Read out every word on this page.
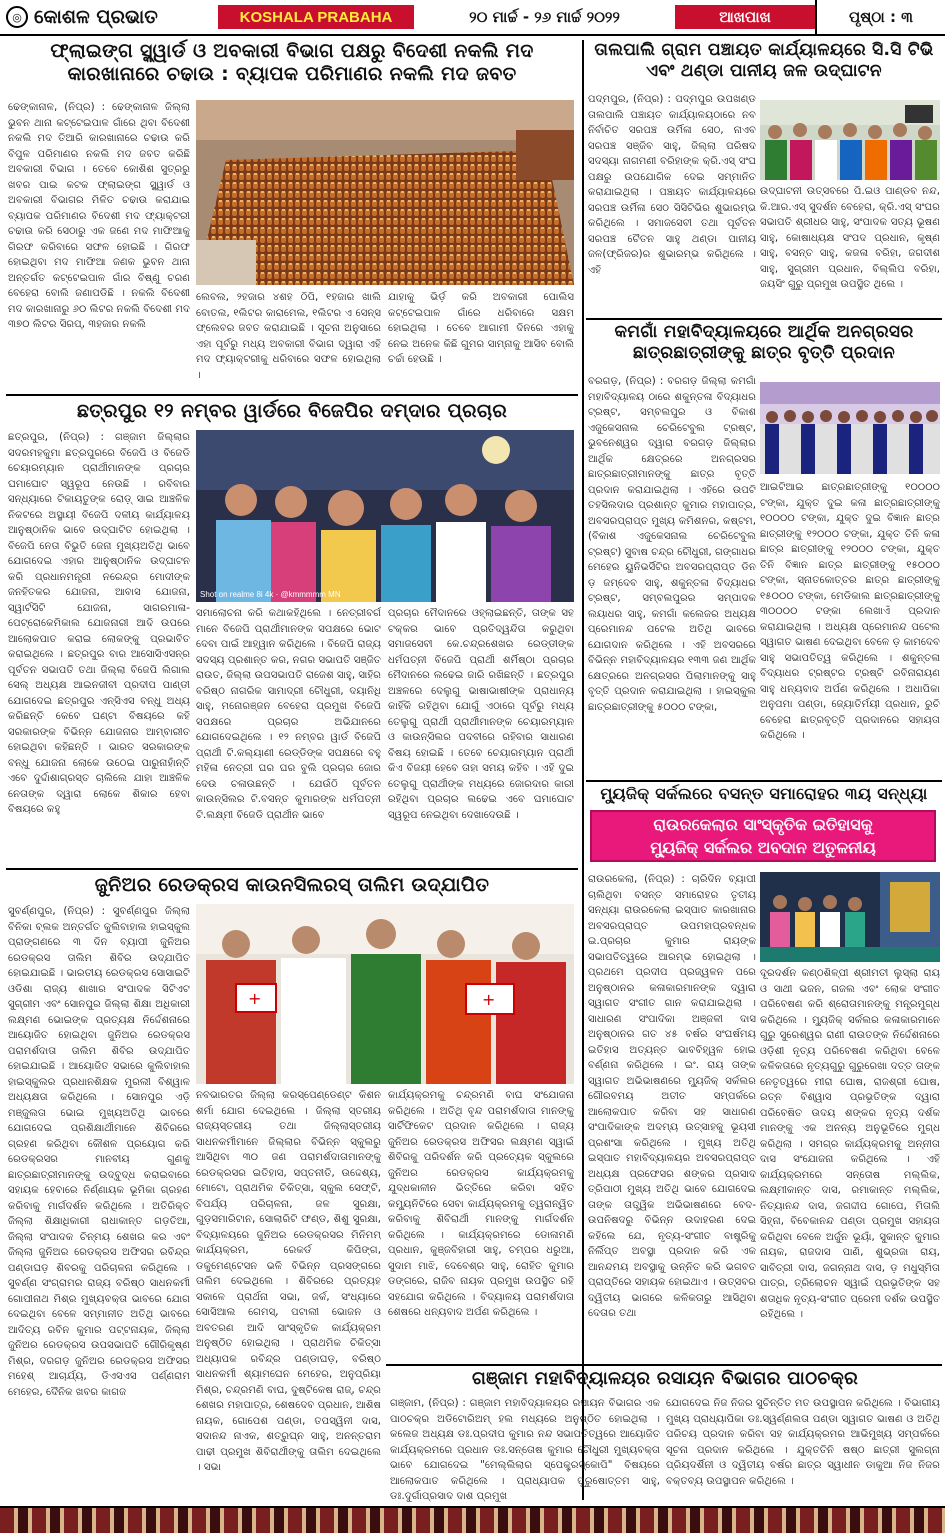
◎ କୋଶଳ ପ୍ରଭାତ	KOSHALA PRABAHA	୨୦ ମାର୍ଚ୍ଚ - ୨୬ ମାର୍ଚ୍ଚ ୨୦୨୨	ଆଖପାଖ	ପୃଷ୍ଠା : ୩
ଫ୍ଲାଇଙ୍ଗ ସ୍କ୍ୱାର୍ଡ ଓ ଅବକାରୀ ବିଭାଗ ପକ୍ଷରୁ ବିଦେଶୀ ନକଲି ମଦ କାରଖାନାରେ ଚଢାଉ : ବ୍ୟାପକ ପରିମାଣର ନକଲି ମଦ ଜବତ
ଢେଙ୍କାନାଳ, (ନିପ୍ର) : ଢେଙ୍କାନାଳ ଜିଲ୍ଲା ଭୁବନ ଥାନା କଟ୍ଟେଇପାଳ ଗାଁରେ ଥିବା ବିଦେଶୀ ନକଲି ମଦ ତିଆରି କାରଖାନାରେ ଚଢାଉ କରି ବିପୁଳ ପରିମାଣର ନକଲି ମଦ ଜବତ କରିଛି ଅବକାରୀ ବିଭାଗ । ତେବେ କୋଶିଶ ସୁତ୍ରରୁ ଖବର ପାଇ କଟକ ଫ୍ଲାଇଙ୍ଗ ସ୍କ୍ୱାର୍ଡ ଓ ଅବକାରୀ ବିଭାଗର ମିଳିତ ଚଢାଉ କରାଯାଇ ବ୍ୟାପକ ପରିମାଣର ବିଦେଶୀ ମଦ ଫ୍ୟାକ୍ଟରୀ ଚଢାଉ କରି ସେଠାରୁ ଏକ ଜଣେ ମଦ ମାଫିଆକୁ ଗିରଫ କରିବାରେ ସଫଳ ହୋଇଛି । ଗିରଫ ହୋଇଥିବା ମଦ ମାଫିଆ ଜଣକ ଭୁବନ ଥାନା ଅନ୍ତର୍ଗତ କଟ୍ଟେଇପାଳ ଗାଁର ବିଷ୍ଣୁ ଚରଣ ବେହେରା ବୋଲି ଜଣାପଡିଛି । ନକଲି ବିଦେଶୀ ମଦ କାରଖାନାରୁ ୬୦ ଲିଟର ନକଲି ବିଦେଶୀ ମଦ ୩୭୦ ଲିଟର ସିରପ୍, ୩ହଜାର ନକଲି
ଲେବଲ, ୨ହଜାର ୪ଶହ ଠିପି, ୧ହଜାର ଖାଲି ବୋତଲ, ୧ଲିଟର କାରାମେଲ, ୧ଲିଟର ଏ ସେନ୍ସ ଫ୍ଲେବର ଜବତ କରାଯାଇଛି । ସୂଚନା ଅନୁସାରେ ଏହା ପୂର୍ବରୁ ମଧ୍ୟ ଅବକାରୀ ବିଭାଗ ଦ୍ୱାରା ଏହି ମଦ ଫ୍ୟାକ୍ଟରୀକୁ ଧରିବାରେ ସଫଳ ହୋଇଥିଲା ।
ଯାହାକୁ ଭିର୍ଡ଼ କରି ଅବକାରୀ ପୋଲିସ କଟ୍ଟେଇପାଳ ଗାଁରେ ଧରିବାରେ ସକ୍ଷମ ହୋଇଥିଲା । ତେବେ ଆଗାମୀ ଦିନରେ ଏହାକୁ ନେଇ ଅନେକ କିଛି ଗୁମର ସାମ୍ନାକୁ ଆସିବ ବୋଲି ଚର୍ଚ୍ଚା ହେଉଛି ।
ଛତ୍ରପୁର ୧୨ ନମ୍ବର ୱାର୍ଡରେ ବିଜେପିର ଦମ୍‌ଦାର ପ୍ରଚାର
ଛତ୍ରପୁର, (ନିପ୍ର) : ଗଞ୍ଜାମ ଜିଲ୍ଲାର ସଦରମହକୁମା ଛତ୍ରପୁରରେ ବିଜେପି ଓ ବିଜେଡି ଚେୟାରମ୍ୟାନ ପ୍ରାର୍ଥୀମାନଙ୍କ ପ୍ରଚାର ଘମାଘୋଟ ସ୍ୱରୂପ ନେଉଛି । ରବିବାର ସନ୍ଧ୍ୟାରେ ଟିକାୟତୁଙ୍କ ରୋଡ଼୍ ସାଇ ଆଞ୍ଚଳିକ ନିକଟରେ ଅସ୍ଥାୟୀ ବିଜେପି ଦଳୀୟ କାର୍ଯ୍ୟାଳୟ ଆନୁଷ୍ଠାନିକ ଭାବେ ଉଦ୍‌ଘାଟିତ ହୋଇଥିଲା । ବିଜେପି ନେତା ବିଭୁତି ଜେନା ମୁଖ୍ୟଅତିଥି ଭାବେ ଯୋଗଦେଇ ଏହାର ଆନୁଷ୍ଠାନିକ ଉଦ୍‌ଘାଟନ କରି ପ୍ରଧାନମନ୍ତ୍ରୀ ନରେନ୍ଦ୍ର ମୋଦୀଙ୍କ ଜନହିତକର ଯୋଜନା, ଆବାସ ଯୋଜନା, ସ୍ୱାର୍ଟସିଟି ଯୋଜନା, ସାଗରମାଳା-ପେଟ୍ରୋକେମିକାଲ ଯୋଜନାରୀ ଆଦି ଉପରେ ଆଲୋକପାତ କରାଇ ଲୋକଙ୍କୁ ପ୍ରଭାବିତ କରାଇଥିଲେ । ଛତ୍ରପୁର ବାର ଆସୋସିଏସନ୍‌ର ପୂର୍ବତନ ସଭାପତି ତଥା ଜିଲ୍ଲା ବିଜେପି ଲିଗାଲ ସେଲ୍ ଅଧ୍ୟକ୍ଷ ଆଇନଜୀବୀ ପ୍ରଦୀପ ପାଣ୍ଡୀ ଯୋଗଦେଇ ଛତ୍ରପୁର ଏନ୍‌ସିଏସ ବନ୍ଧୁ ଅଧ୍ୟ କରିଛନ୍ତି କେବେ ଘଣ୍ଟା ବିଷୟରେ କହି ସରକାରଙ୍କ ବିଭିନ୍ନ ଯୋଜନାର ଆମ୍ବାରୀତ ହୋଇଥିବା କହିଛନ୍ତି । ଭାରତ ସରକାରଙ୍କ ବନ୍ଧୁ ଯୋଜନା ଲୋକେ ଉଠେଇ ପାରୁନାହାଁନ୍ତି ଏବେ ଦୁର୍ଦ୍ଦାଶାଗ୍ରସ୍ତ ଚାଲିଲେ ଯାହା ଆଞ୍ଚଳିକ ନେତାଙ୍କ ଦ୍ୱାରା ଲୋକେ ଶିକାର ହେବା ବିଷୟରେ କହୁ
Shot on realme 8i 4k · @kmmmmm MN
ସମାଲୋଚନା କରି କଥାକହିଥିଲେ । ନେତ୍ରୀବର୍ଗ ମାନେ ବିଜେପି ପ୍ରାର୍ଥୀମାନଙ୍କ ସପକ୍ଷରେ ଭୋଟ ଦେବା ପାଇଁ ଆହ୍ୱାନ କରିଥିଲେ । ବିଜେପି ରାଜ୍ୟ ସଦସ୍ୟ ପ୍ରଶାନ୍ତ କର, ନଗର ସଭାପତି ସଞ୍ଜିତ ରାଉତ, ଜିଲ୍ଲା ଉପସଭାପତି ରାଜେଶ ସାହୁ, ସାହିର ବରିଷ୍ଠ ନାଗରିକ ସାମାଦ୍ରୀ ଚୌଧୁରୀ, ଦୟାନିଧି ସାହୁ, ମନୋରଞ୍ଜନ ବେହେରା ପ୍ରମୁଖ ବିଜେପି ସପକ୍ଷରେ ପ୍ରଚାର ଅଭିଯାନରେ ଯୋଗଦେଇଥିଲେ । ୧୨ ନମ୍ବର ୱାର୍ଡ ବିଜେପି ପ୍ରାର୍ଥୀ ଟି.କଲ୍ୟାଣୀ ରେଡ୍ଡିଙ୍କ ସପକ୍ଷରେ ବହୁ ମହିଳା ନେତ୍ରୀ ଘର ଘର ବୁଲି ପ୍ରଚାର ଜୋର ଦେଉ ଚଳାଉଛନ୍ତି । ଯେଉଁଠି ପୂର୍ବତନ କାଉନ୍‌ସିଲର ଟି.ବସନ୍ତ କୁମାରଙ୍କ ଧର୍ମପତ୍ନୀ ଟି.ଲକ୍ଷ୍ମୀ ବିଜେଡି ପ୍ରାର୍ଥୀନ ଭାବେ
ପ୍ରଚାର ମୈଦାନରେ ଓହ୍ଲାଇଛନ୍ତି, ତାଙ୍କ ସହ ଟକ୍କର ଭାବେ ପ୍ରତିଦ୍ୱନ୍ଦିତା କରୁଥିବା ସମାଜସେବୀ କେ.ଚନ୍ଦ୍ରଶେଖର ରେଡ୍ଡୀଙ୍କ ଧର୍ମପତ୍ନୀ ବିଜେପି ପ୍ରାର୍ଥୀ ଶର୍ମିଷ୍ଠା ପ୍ରଚାର ମୈଦାନରେ ଲଢେଇ ଜାରି ରଖିଛନ୍ତି । ଛତ୍ରପୁର ଅଞ୍ଚଳରେ ଦେଲୁଗୁ ଭାଷାଭାଷୀଙ୍କ ପ୍ରାଧାନ୍ୟ କାହିଁକି ରହିଥିବା ଯୋଗୁଁ ଏଠାରେ ପୂର୍ବରୁ ମଧ୍ୟ ତେଲୁଗୁ ପ୍ରାର୍ଥୀ ପ୍ରାର୍ଥୀମାନଙ୍କ ଚେୟାରମ୍ୟାନ ଓ କାଉନ୍‌ସିଲର ପଦବୀରେ ରହିବାର ସାଧାରଣ ବିଷୟ ହୋଇଛି । ତେବେ ଚେୟାରମ୍ୟାନ ପ୍ରାର୍ଥୀ କିଏ ବିଜୟୀ ହେବେ ତାହା ସମୟ କହିବ । ଏହି ଦୁଇ ତେଲୁଗୁ ପ୍ରାର୍ଥୀଙ୍କ ମଧ୍ୟରେ ଜୋରଦାର କାରୀ ରହିଥିବା ପ୍ରଚାର ଲଢେଇ ଏବେ ଘମାଘୋଟ ସ୍ୱରୂପ ନେଇଥିବା ଦେଖାଦେଉଛି ।
ଜୁନିଅର ରେଡକ୍ରସ କାଉନସିଲରସ୍ ତାଲିମ ଉଦ୍‌ଯାପିତ
ସୁବର୍ଣ୍ଣପୁର, (ନିପ୍ର) : ସୁବର୍ଣ୍ଣପୁର ଜିଲ୍ଲା ବିନିକା ବ୍ଲକ ଅନ୍ତର୍ଗତ କୁଲିବାହାଲ ହାଇସ୍କୁଲ ପ୍ରାଙ୍ଗଣରେ ୩ ଦିନ ବ୍ୟାପୀ ଜୁନିଅର ରେଡକ୍ରସ ତାଲିମ ଶିବିର ଉଦ୍‌ଯାପିତ ହୋଇଯାଇଛି । ଭାରତୀୟ ରେଡକ୍ରସ ସୋସାଇଟି ଓଡିଶା ରାଜ୍ୟ ଶାଖାର ସଂପାଦକ ସିଟିଏଟ ସୁଗ୍ରୀମ ଏବଂ ସୋନପୁର ଜିଲ୍ଲା ଶିକ୍ଷା ଅଧିକାରୀ ଲକ୍ଷ୍ମଣ ଭୋଇଙ୍କ ପ୍ରତ୍ୟକ୍ଷ ନିର୍ଦ୍ଦେଶନାରେ ଆୟୋଜିତ ହୋଇଥିବା ଜୁନିଅର ରେଡକ୍ରସ ପରାମର୍ଶଦାତା ତାଲିମ ଶିବିର ଉଦ୍‌ଯାପିତ ହୋଇଯାଇଛି । ଆୟୋଜିତ ସଭାରେ କୁଲିବାହାଲ ହାଇସ୍କୁଲର ପ୍ରଧାନଶିକ୍ଷକ ମୁରଲୀ ବିଶ୍ୱାଳ ଅଧ୍ୟକ୍ଷତା କରିଥିଲେ । ସୋନପୁର ଏଡ଼ି ମଞ୍ଜୁଲତା ଭୋଇ ମୁଖ୍ୟଅତିଥି ଭାବରେ ଯୋଗଦେଇ ପ୍ରଶିକ୍ଷାର୍ଥୀମାନେ ଶିବିରରେ ଗ୍ରହଣ କରିଥିବା କୌଶଳ ପ୍ରୟୋଗ କରି ରେଡକ୍ରସର ମାନବୀୟ ଗୁଣକୁ ଛାତ୍ରଛାତ୍ରୀମାନଙ୍କୁ ଉଦ୍‌ବୁଦ୍ଧ କରାଇବାରେ ସହାୟକ ହେବାରେ ନିର୍ଣ୍ଣାୟକ ଭୂମିକା ଗ୍ରହଣ କରିବାକୁ ମାର୍ଗଦର୍ଶନ କରିଥିଲେ । ଅତିରିକ୍ତ ଜିଲ୍ଲା ଶିକ୍ଷାଧିକାରୀ ରାଧାକାନ୍ତ ଗଡ଼ତିଆ, ଜିଲ୍ଲା ସଂପାଦକ ଚିନ୍ମୟ ଶେଖର କର ଏବଂ ଜିଲ୍ଲା ଜୁନିଅର ରେଡକ୍ରସ ଅଫିସର ରବିନ୍ଦ୍ର ପଣ୍ଡାଘଡ଼ ଶିବରକୁ ପରିଚାଳନା କରିଥିଲେ । ସୁବର୍ଣ୍ଣ ସଂଗ୍ରାମର ରାଜ୍ୟ ବରିଷ୍ଠ ସାଧନକର୍ମୀ ଗୋପୀନାଥ ମିଶ୍ର ମୁଖ୍ୟବକ୍ତା ଭାବରେ ଯୋଗ ଦେଇଥିବା ବେଳେ ସମ୍ମାନୀତ ଅତିଥି ଭାବରେ ଆଦିତ୍ୟ ରବିନ କୁମାର ପଟ୍ଟନାୟକ, ଜିଲ୍ଲା ଜୁନିଅର ରେଡକ୍ରସ ଉପସଭାପତି ଗୌରିକୃଷ୍ଣ ମିଶ୍ର, ଦରଗଡ଼ ଜୁନିଅର ରେଡକ୍ରସ ଅଫିସର ମହେଶ୍ ଆଚାର୍ଯ୍ୟ, ଡିଏସଏସ ପର୍ଣ୍ଣରାମ ମେହେର, ଦୈନିକ ଖବର କାଗଜ
+	+
ନବଭାରତର ଜିଲ୍ଲା କରସ୍‌ପେଣ୍ଡେଣ୍ଟ କିଶନ ଶର୍ମା ଯୋଗ ଦେଇଥିଲେ । ଜିଲ୍ଲା ସ୍ତରୀୟ ରାଜ୍ୟସ୍ତରୀୟ ତଥା ଜିଲ୍ଲାସ୍ତରୀୟ ସାଧନକର୍ମୀମାନେ ଜିଲ୍ଲାର ବିଭିନ୍ନ ସ୍କୁଲରୁ ଆସିଥିବା ୩୦ ଜଣ ପରାମର୍ଶଦାତାମାନଙ୍କୁ ରେଡକ୍ରସର ଇତିହାସ, ସପ୍ତନୀତି, ଉଦ୍ଦେଶ୍ୟ, ମୋଟୋ, ପ୍ରାଥମିକ ଚିକିତ୍ସା, ସ୍କୁଲ ସେଫ୍ଟି, ବିପର୍ଯ୍ୟ ପରିଚାଳନା, ଜଳ ସୁରକ୍ଷା, ଗୁଡ଼ସମାରିଟାନ, ସୋଲାରିଟି ଫଣ୍ଡ, ଶିଶୁ ସୁରକ୍ଷା, ବିଦ୍ୟାଳୟରେ ଜୁନିଅର ରେଡକ୍ରସର ମିନିମମ୍ କାର୍ଯ୍ୟକ୍ରମ, ରେକର୍ଡ କିପିଙ୍ଗ, ଡକୁମେଣ୍ଟେସନ ଭଳି ବିଭିନ୍ନ ପ୍ରସଙ୍ଗରେ ତାଲିମ ଦେଇଥିଲେ । ଶିବିରରେ ପ୍ରତ୍ୟହ ସକାଳେ ପ୍ରାର୍ଥନା ସଭା, ଜର୍କ, ସଂଧ୍ୟାରେ ସୋସିଆଲ ଗେମସ୍, ପଟାଲୀ ଭୋଜନ ଓ ଅବତରଣ ଆଦି ସାଂସ୍କୃତିକ କାର୍ଯ୍ୟକ୍ରମ ଅନୁଷ୍ଠିତ ହୋଇଥିଲା । ପ୍ରାଥମିକ ଚିକିତ୍ସା ଅଧ୍ୟାପକ ରବିନ୍ଦ୍ର ପଣ୍ଡାଘଡ଼, ବରିଷ୍ଠ ସାଧନକର୍ମୀ ଶ୍ୟାମଘେନ ମେହେର, ଅନୁପ୍ରିୟା ମିଶ୍ର, ଚନ୍ଦ୍ରମଣି ବାଘ, ଦୁଷ୍ଟିକେଷ ରାଜ୍, ଚନ୍ଦ୍ର ଶେଖର ମହାପାତ୍ର, ଶେଷଦେବ ପ୍ରଧାନ, ଆଶିଷ ନାୟକ, ଗୋପେଶ ପଣ୍ଡା, ତପସ୍ୱିନୀ ଦାସ, ସଦାନନ୍ଦ ନାଏକ, ଶତ୍ରୁଘ୍ନ ସାହୁ, ଅନନ୍ତରାମ ପାଢୀ ପ୍ରମୁଖ ଶିବିରାର୍ଥୀଙ୍କୁ ତାଲିମ ଦେଇଥିଲେ । ସଭା
କାର୍ଯ୍ୟକ୍ରମକୁ ଚନ୍ଦ୍ରମଣି ବାଘ ସଂଯୋଜନା କରିଥିଲେ । ଅତିଥି ବୃନ୍ଦ ପରାମର୍ଶଦାତା ମାନଙ୍କୁ ସାର୍ଟିଫିକେଟ ପ୍ରଦାନ କରିଥିଲେ । ରାଜ୍ୟ ଜୁନିଅର ରେଡକ୍ରସ ଅଫିସର ଲକ୍ଷ୍ମଣ ସ୍ୱାଇଁ ଶିବିରକୁ ପରିଦର୍ଶନ କରି ପ୍ରତ୍ୟେକ ସ୍କୁଲରେ ଜୁନିଅର ରେଡକ୍ରସ କାର୍ଯ୍ୟକ୍ରମକୁ ଯୁଦ୍ଧକାଳୀନ ଭିତ୍ତିରେ କରିବା ସହିତ କମ୍ୟୁନିଟିରେ ସେବା କାର୍ଯ୍ୟକ୍ରମକୁ ତ୍ୱରାନ୍ୱିତ କରିବାକୁ ଶିବିରାର୍ଥୀ ମାନଙ୍କୁ ମାର୍ଗଦର୍ଶନ କରିଥିଲେ । କାର୍ଯ୍ୟକ୍ରମରେ ଡୋଳାମଣି ପ୍ରଧାନ, କୁଞ୍ଜବିହାରୀ ସାହୁ, ଚମ୍ପର ଧରୁଆ, ସୁଦାମ ମାଝି, ଦେବେଶ୍ର ସାହୁ, ରୋହିତ କୁମାର ଡଙ୍ଗରେ, ରାଜିବ ନାୟକ ପ୍ରମୁଖ ଉପସ୍ଥିତ ରହି ସହଯୋଗ କରିଥିଲେ । ବିଦ୍ୟାଳୟ ପରାମର୍ଶଦାତା ଶେଷରେ ଧନ୍ୟବାଦ ଅର୍ପଣ କରିଥିଲେ ।
ତାଲପାଲି ଗ୍ରାମ ପଞ୍ଚାୟତ କାର୍ଯ୍ୟାଳୟରେ ସି.ସି ଟିଭି ଏବଂ ଥଣ୍ଡା ପାନୀୟ ଜଳ ଉଦ୍‌ଘାଟନ
ପଦ୍ମପୁର, (ନିପ୍ର) : ପଦ୍ମପୁର ଉପଖଣ୍ଡ ତାଲପାଲି ପଞ୍ଚାୟତ କାର୍ଯ୍ୟାଳୟଠାରେ ନବ ନିର୍ବାଚିତ ସରପଞ୍ଚ ଉର୍ମିଳା ସେଠ, ନାଏବ ସରପଞ୍ଚ ସଞ୍ଜିବ ସାହୁ, ଜିଲ୍ଲା ପରିଷଦ ସଦସ୍ୟା ନାଗମଣୀ ବରିହାଙ୍କ କ୍ରି.ଏସ୍ ସଂଘ ପକ୍ଷରୁ ଉପଯୋଗିକ ଦେଇ ସମ୍ମାନିତ କରାଯାଇଥିଲା । ପଞ୍ଚାୟତ କାର୍ଯ୍ୟାଳୟରେ ସରପଞ୍ଚ ଉର୍ମିଳା ସେଠ ସିସିଟିଭିର ଶୁଭାରମ୍ଭ କରିଥିଲେ । ସମାଜସେବୀ ତଥା ପୂର୍ବତନ ସରପଞ୍ଚ ଚୈତନ ସାହୁ ଥଣ୍ଡା ପାନୀୟ ଜଳ(ଫ୍ରିଜର)ର ଶୁଭାରମ୍ଭ କରିଥିଲେ । ଏହି
ଉଦ୍‌ଘାଟନୀ ଉତ୍ସବରେ ପି.ଇଓ ପାଣ୍ଡବ ନନ୍ଦ, କି.ଆର.ଏସ୍ ସୁଦର୍ଶନ ବେହେରା, କ୍ରି.ଏସ୍ ସଂଘର ସଭାପତି ଶ୍ରୀଧର ସାହୁ, ସଂପାଦକ ସତ୍ୟ ଭୂଷଣ ସାହୁ, କୋଷାଧ୍ୟକ୍ଷ ସଂପଦ ପ୍ରଧାନ, କୃଷ୍ଣ ସାହୁ, ବସନ୍ତ ସାହୁ, କଜଳା ବରିହା, ଜଗଦୀଶ ସାହୁ, ସୁଗ୍ରୀମ ପ୍ରଧାନ, ବିଲ୍ଲିପ ବରିହା, ଜୟସିଂ ଗୁରୁ ପ୍ରମୁଖ ଉପସ୍ଥିତ ଥିଲେ ।
କମଗାଁ ମହାବିଦ୍ୟାଳୟରେ ଆର୍ଥିକ ଅନଗ୍ରସର ଛାତ୍ରଛାତ୍ରୀଙ୍କୁ ଛାତ୍ର ବୃତ୍ତି ପ୍ରଦାନ
ବରଗଡ଼, (ନିପ୍ର) : ବରଗଡ଼ ଜିଲ୍ଲା କମଗାଁ ମହାବିଦ୍ୟାଳୟ ଠାରେ ଶକୁନ୍ତଳା ବିଦ୍ୟାଧର ଟ୍ରଷ୍ଟ, ସମ୍ବଲପୁର ଓ ବିକାଶ ଏଜୁକେସନାଲ ଚେରିଟେବୁଲ ଟ୍ରଷ୍ଟ, ଭୁବନେଶ୍ୱର ଦ୍ୱାରା ବରଗଡ଼ ଜିଲ୍ଲାର ଆର୍ଥିକ କ୍ଷେତ୍ରରେ ଅନଗ୍ରସର ଛାତ୍ରଛାତ୍ରୀମାନଙ୍କୁ ଛାତ୍ର ବୃତ୍ତି ପ୍ରଦାନ କରାଯାଇଥିଲା । ଏହିରେ ଉପଟି ତହସିଲଦାର ପ୍ରଶାନ୍ତ କୁମାର ମହାପାତ୍ର, ଅବସରପ୍ରାପ୍ତ ମୁଖ୍ୟ କମିଶନର, କଷ୍ଟମ, (ବିକାଶ ଏଜୁକେସନାଲ ଚେରିଟେବୁଲ ଟ୍ରଷ୍ଟ) ସୁବାଷ ଚନ୍ଦ୍ର ଚୌଧୁରୀ, ଗଙ୍ଗାଧର ମେହେର ୟୁନିଭର୍ସିଟିର ଅବସରପ୍ରାପ୍ତ ଡିନ ଡ଼ ଜମ୍‌ଦେବ ସାହୁ, ଶକୁନ୍ତଳା ବିଦ୍ୟାଧର ଟ୍ରଷ୍ଟ, ସମ୍ବଲପୁରର ସମ୍ପାଦକ ଲୟାଧର ସାହୁ, କମଗାଁ କଲେଜର ଅଧ୍ୟକ୍ଷ ପ୍ରେମାନନ୍ଦ ପଟେଲ ଅତିଥି ଭାବରେ ଯୋଗଦାନ କରିଥିଲେ । ଏହି ଅବସରରେ ବିଭିନ୍ନ ମହାବିଦ୍ୟାଳୟର ୧୩୩ ଜଣ ଆର୍ଥିକ କ୍ଷେତ୍ରରେ ଅନଗ୍ରସର ପିଲାମାନଙ୍କୁ ସାହୁ ବୃତ୍ତି ପ୍ରଦାନ କରାଯାଇଥିଲା । ହାଇସ୍କୁଲ ଛାତ୍ରଛାତ୍ରୀଙ୍କୁ ୫୦୦୦ ଟଙ୍କା,
ଆଇଟିଆଇ ଛାତ୍ରଛାତ୍ରୀଙ୍କୁ ୧୦୦୦୦ ଟଙ୍କା, ଯୁକ୍ତ ଦୁଇ କଳା ଛାତ୍ରଛାତ୍ରୀଙ୍କୁ ୧୦୦୦୦ ଟଙ୍କା, ଯୁକ୍ତ ଦୁଇ ବିଜ୍ଞାନ ଛାତ୍ର ଛାତ୍ରୀଙ୍କୁ ୧୨୦୦୦ ଟଙ୍କା, ଯୁକ୍ତ ତିନି କଳା ଛାତ୍ର ଛାତ୍ରୀଙ୍କୁ ୧୨୦୦୦ ଟଙ୍କା, ଯୁକ୍ତ ତିନି ବିଜ୍ଞାନ ଛାତ୍ର ଛାତ୍ରୀଙ୍କୁ ୧୫୦୦୦ ଟଙ୍କା, ସ୍ନାତକୋତ୍ତର ଛାତ୍ର ଛାତ୍ରୀଙ୍କୁ ୧୫୦୦୦ ଟଙ୍କା, ମେଡିକାଲ ଛାତ୍ରଛାତ୍ରୀଙ୍କୁ ୩୦୦୦୦ ଟଙ୍କା ଲେଖାଏଁ ପ୍ରଦାନ କରାଯାଇଥିଲା । ଅଧ୍ୟକ୍ଷ ପ୍ରେମାନନ୍ଦ ପଟେଲ ସ୍ୱାଗତ ଭାଷଣ ଦେଇଥିବା ବେଳେ ଡ଼ କାମଦେବ ସାହୁ ସଭାପତିତ୍ୱ କରିଥିଲେ । ଶକୁନ୍ତଳା ବିଦ୍ୟାଧର ଟ୍ରଷ୍ଟର ଟ୍ରଷ୍ଟି ରବିନାରାୟଣ ସାହୁ ଧନ୍ୟବାଦ ଅର୍ପଣ କରିଥିଲେ । ଅଧାପିକା ଅନୁପମା ପଣ୍ଡା, ଜ୍ୟୋତିର୍ମୟୀ ପ୍ରଧାନ, ରୁଚି ବେହେରା ଛାତ୍ରବୃତ୍ତି ପ୍ରଦାନରେ ସହାୟତା କରିଥିଲେ ।
ମ୍ୟୁଜିକ୍ ସର୍କଲରେ ବସନ୍ତ ସମାରୋହର ୩ୟ ସନ୍ଧ୍ୟା
ରାଉରକେଲାର ସାଂସ୍କୃତିକ ଇତିହାସକୁ
ମ୍ୟୁଜିକ୍ ସର୍କଲର ଅବଦାନ ଅତୁଳନୀୟ
ରାଉରକେଲା, (ନିପ୍ର) : ଚାରିଦିନ ବ୍ୟାପୀ ଚାଲିଥିବା ବସନ୍ତ ସମାରୋହର ତୃତୀୟ ସନ୍ଧ୍ୟା ରାଉରକେଲା ଇସ୍ପାତ କାରଖାନାର ଅବସରପ୍ରାପ୍ତ ଉପମହାପ୍ରବନ୍ଧକ ଇ.ପ୍ରଚାର କୁମାର ରାୟଙ୍କ ସଭାପତିତ୍ୱରେ ଆରମ୍ଭ ହୋଇଥିଲା । ପ୍ରଥମେ ପ୍ରଦୀପ ପ୍ରଜ୍ୱଳନ ପରେ ଅନୁଷ୍ଠାନର କଳାକାରମାନଙ୍କ ଦ୍ୱାରା ସ୍ୱାଗତ ସଂଗୀତ ଗାନ କରାଯାଇଥିଲା । ସାଧାରଣ ସଂପାଦିକା ଅଞ୍ଜଳୀ ଦାସ ଅନୁଷ୍ଠାନର ଗତ ୪୫ ବର୍ଷର ସଂଘର୍ଷମୟ ଇତିହାସ ଅତ୍ୟନ୍ତ ଭାବବିହ୍ୱଳ ହୋଇ ବର୍ଣ୍ଣନା କରିଥିଲେ । ଇଂ. ରାୟ ତାଙ୍କ ସ୍ୱାଗତ ଅଭିଭାଷଣରେ ମ୍ୟୁଜିକ୍ ସର୍କଲର ଗୌରବମୟ ଅତୀତ ସମ୍ପର୍କରେ ଆଲୋକପାତ କରିବା ସହ ସାଧାରଣ ସଂପାଦିକାଙ୍କ ଅଦମ୍ୟ ଉତ୍ସାହକୁ ଭୂୟସୀ ପ୍ରଶଂସା କରିଥିଲେ । ମୁଖ୍ୟ ଅତିଥି ଇସ୍ପାତ ମହାବିଦ୍ୟାଳୟର ଅବସରପ୍ରାପ୍ତ ଅଧ୍ୟକ୍ଷ ପ୍ରଫେସର ଶଙ୍କର ପ୍ରସାଦ ତ୍ରିପାଠୀ ମୁଖ୍ୟ ଅତିଥି ଭାବେ ଯୋଗଦେଇ ତାଙ୍କ ତାତ୍ତ୍ୱିକ ଅଭିଭାଷଣରେ ବେଦ-ଉପନିଷଦରୁ ବିଭିନ୍ନ ଉଦାହରଣ ଦେଇ କହିଲେ ଯେ, ନୃତ୍ୟ-ସଂଗୀତ ବାଷ୍ଟ୍ରିକୁ ନିର୍ଲିପ୍ତ ଅବସ୍ଥା ପ୍ରଦାନ କରି ଏକ ଆନନ୍ଦମୟ ଅବସ୍ଥାକୁ ଉନ୍ନିତ କରି ଭଗବତ ପ୍ରାପ୍ତିରେ ସହାୟକ ହୋଇଥାଏ । ଉତ୍ସବର ଦ୍ୱିତୀୟ ଭାଗରେ କଳିକତାରୁ ଆସିଥିବା ଦେତାର ତଥା
ଦୂରଦର୍ଶନ କଣ୍ଠଶିଳ୍ପୀ ଶ୍ରୀମତୀ ଲୁସ୍ଲା ରାୟ ଓ ସାଥୀ ଭଜନ, ଗଜଲ ଏବଂ ଲୋକ ସଂଗୀତ ପରିବେଷଣ କରି ଶ୍ରୋତାମାନଙ୍କୁ ମନ୍ତ୍ରମୁଗ୍ଧ କରିଥିଲେ । ମ୍ୟୁଜିକ୍ ସର୍କଲର କଳାକାରମାନେ ଗୁରୁ ସୁରେଶ୍ୱର ରାଣୀ ରାଉତଙ୍କ ନିର୍ଦ୍ଦେଶନାରେ ଓଡ଼ିଶୀ ନୃତ୍ୟ ପରିବେଷଣ କରିଥିବା ବେଳେ କଳିକତାରେ ନୃତ୍ୟଗୁରୁ ଗୁରୁରେଖା ଦତ୍ତ ତାଙ୍କ ନେତୃତ୍ୱରେ ମୀରା ଘୋଷ, ରାଜଶ୍ରୀ ଘୋଷ, ରତ୍ନ ବିଶ୍ୱାସ ପ୍ରଭୃତିଙ୍କ ଦ୍ୱାରା ପରିବେଷିତ ଉଦୟ ଶଙ୍କର ନୃତ୍ୟ ଦର୍ଶକ ମାନଙ୍କୁ ଏକ ଅନନ୍ୟ ଅନୁଭୂତିରେ ମୁଗ୍ଧ କରିଥିଲା । ସମଗ୍ର କାର୍ଯ୍ୟକ୍ରମକୁ ଅନ୍ନୀତା ଦାସ ସଂଯୋଜନା କରିଥିଲେ । ଏହି କାର୍ଯ୍ୟକ୍ରମରେ ସନ୍ତୋଷ ମଲ୍ଲିକ, ଲକ୍ଷ୍ମୀକାନ୍ତ ଦାସ, ରମାକାନ୍ତ ମଲ୍ଲିକ, ନିତ୍ୟାନନ୍ଦ ଦାସ, ଜଗଦ୍ଦୀପ ଗୋପେ, ମିତାଲି ସିହ୍ନା, ବିବେକାନନ୍ଦ ପଣ୍ଡା ପ୍ରମୁଖ ସହାୟତା କରିଥିବା ବେଳେ ଅର୍ଜୁନ ଭୂୟାଁ, ସୁକାନ୍ତ କୁମାର ନାୟକ, ରାଜଦାସ ପାଣି, ଶୁଭ୍ରଜା ରାୟ, ସାବିତ୍ରୀ ଦାସ, ଜଗନ୍ନାଥ ଦାସ, ଡ଼ ମଧୁସ୍ମିତା ପାତ୍ର, ତ୍ରିଲୋଚନ ସ୍ୱାଇଁ ପ୍ରଭୃତିଙ୍କ ସହ ଶତାଧିକ ନୃତ୍ୟ-ସଂଗୀତ ପ୍ରେମୀ ଦର୍ଶକ ଉପସ୍ଥିତ ରହିଥିଲେ ।
ଗଞ୍ଜାମ ମହାବିଦ୍ୟାଳୟର ରସାୟନ ବିଭାଗର ପାଠଚକ୍ର
ଗଞ୍ଜାମ, (ନିପ୍ର) : ଗଞ୍ଜାମ ମହାବିଦ୍ୟାଳୟର ରସାୟନ ବିଭାଗର ଏକ ପାଠଚକ୍ର ଅଡିଟୋରିଅମ୍ ହଲ ମଧ୍ୟରେ ଅନୁଷ୍ଠିତ ହୋଇଥିଲା । କଲେଜ ଅଧ୍ୟକ୍ଷ ଡଃ.ପ୍ରଦୀପ କୁମାର ନନ୍ଦ ସଭାପତିତ୍ୱରେ ଆୟୋଜିତ କାର୍ଯ୍ୟକ୍ରମରେ ପ୍ରଧାନ ଡଃ.ସନ୍ତୋଷ କୁମାର ଚୌଧୁରୀ ମୁଖ୍ୟବକ୍ତା ଭାବେ ଯୋଗଦେଇ "ମେଲ୍ଲିଲାର ସ୍ପେକ୍ଟ୍ରସ୍କୋପି" ବିଷୟରେ ଆଲୋକପାତ କରିଥିଲେ । ପ୍ରାଧ୍ୟାପକ ପୁରୁଷୋତ୍ତମ ସାହୁ, ଡଃ.ଦୁର୍ଗାପ୍ରସାଦ ଦାଶ ପ୍ରମୁଖ
ଯୋଗଦେଇ ନିଜ ନିଜର ସୁଚିନ୍ତିତ ମତ ଉପସ୍ଥାପନ କରିଥିଲେ । ବିଭାଗୀୟ ମୁଖ୍ୟ ପ୍ରାଧ୍ୟାପିକା ଡଃ.ସ୍ୱର୍ଣ୍ଣଲତା ପଣ୍ଡା ସ୍ୱାଗତ ଭାଷଣ ଓ ଅତିଥି ପରିଚୟ ପ୍ରଦାନ କରିବା ସହ କାର୍ଯ୍ୟକ୍ରମର ଆଭିମୁଖ୍ୟ ସମ୍ପର୍କରେ ସୂଚନା ପ୍ରଦାନ କରିଥିଲେ । ଯୁକ୍ତତିନି ଷଷ୍ଠ ଛାତ୍ରୀ ସୁଲଗ୍ନା ପ୍ରିୟଦର୍ଶିନୀ ଓ ଦ୍ୱିତୀୟ ବର୍ଷର ଛାତ୍ର ସ୍ୱାଧୀନ ଡାକୁଆ ନିଜ ନିଜର ବକ୍ତବ୍ୟ ଉପସ୍ଥାପନ କରିଥିଲେ ।
